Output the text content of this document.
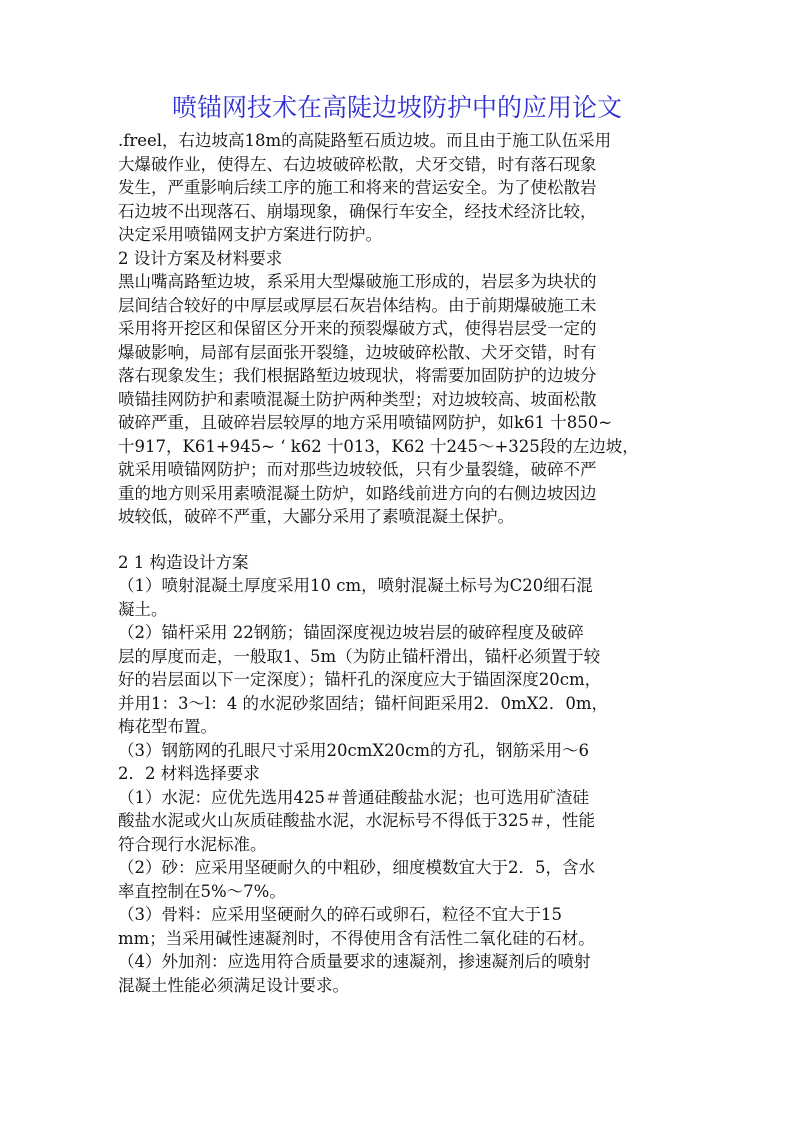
喷锚网技术在高陡边坡防护中的应用论文
.freel，右边坡高18m的高陡路堑石质边坡。而且由于施工队伍采用
大爆破作业，使得左、右边坡破碎松散，犬牙交错，时有落石现象
发生，严重影响后续工序的施工和将来的营运安全。为了使松散岩
石边坡不出现落石、崩塌现象，确保行车安全，经技术经济比较，
决定采用喷锚网支护方案进行防护。
2 设计方案及材料要求
黑山嘴高路堑边坡，系采用大型爆破施工形成的，岩层多为块状的
层间结合较好的中厚层或厚层石灰岩体结构。由于前期爆破施工未
采用将开挖区和保留区分开来的预裂爆破方式，使得岩层受一定的
爆破影响，局部有层面张开裂缝，边坡破碎松散、犬牙交错，时有
落右现象发生；我们根据路堑边坡现状，将需要加固防护的边坡分
喷锚挂网防护和素喷混凝土防护两种类型；对边坡较高、坡面松散
破碎严重，且破碎岩层较厚的地方采用喷锚网防护，如k61 十850~
十917，K61+945~ ‘ k62 十013，K62 十245～+325段的左边坡，
就采用喷锚网防护；而对那些边坡较低，只有少量裂缝，破碎不严
重的地方则采用素喷混凝土防炉，如路线前进方向的右侧边坡因边
坡较低，破碎不严重，大鄙分采用了素喷混凝土保护。
2 1 构造设计方案
（1）喷射混凝土厚度采用10 cm，喷射混凝土标号为C20细石混
凝土。
（2）锚杆采用 22钢筋；锚固深度视边坡岩层的破碎程度及破碎
层的厚度而走，一般取1、5m（为防止锚杆滑出，锚杆必须置于较
好的岩层面以下一定深度）；锚杆孔的深度应大于锚固深度20cm，
并用1：3～l：4 的水泥砂浆固结；锚杆间距采用2．0mX2．0m，
梅花型布置。
（3）钢筋网的孔眼尺寸采用20cmX20cm的方孔，钢筋采用～6
2．2 材料选择要求
（1）水泥：应优先选用425＃普通硅酸盐水泥；也可选用矿渣硅
酸盐水泥或火山灰质硅酸盐水泥，水泥标号不得低于325＃，性能
符合现行水泥标准。
（2）砂：应采用坚硬耐久的中粗砂，细度模数宜大于2．5，含水
率直控制在5%～7%。
（3）骨料：应采用坚硬耐久的碎石或卵石，粒径不宜大于15
mm；当采用碱性速凝剂时，不得使用含有活性二氧化硅的石材。
（4）外加剂：应选用符合质量要求的速凝剂，掺速凝剂后的喷射
混凝土性能必须满足设计要求。
